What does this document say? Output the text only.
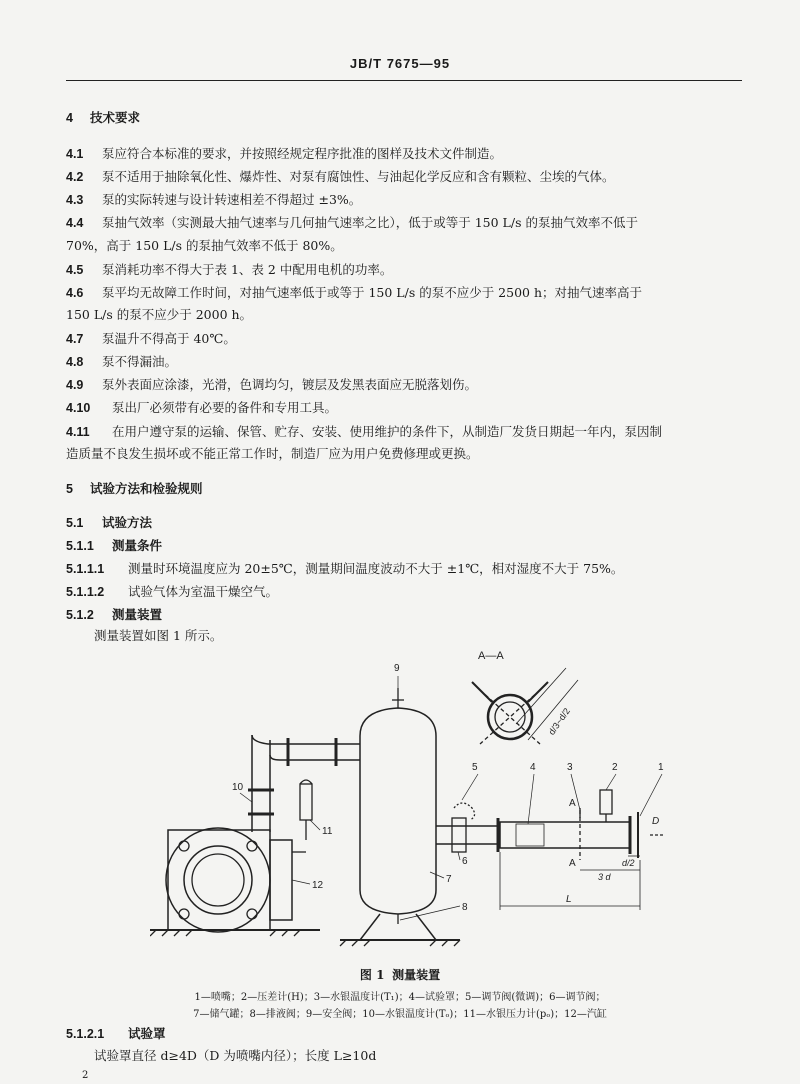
JB/T 7675—95
4 技术要求
4.1 泵应符合本标准的要求，并按照经规定程序批准的图样及技术文件制造。
4.2 泵不适用于抽除氧化性、爆炸性、对泵有腐蚀性、与油起化学反应和含有颗粒、尘埃的气体。
4.3 泵的实际转速与设计转速相差不得超过 ±3%。
4.4 泵抽气效率（实测最大抽气速率与几何抽气速率之比），低于或等于 150 L/s 的泵抽气效率不低于
70%，高于 150 L/s 的泵抽气效率不低于 80%。
4.5 泵消耗功率不得大于表 1、表 2 中配用电机的功率。
4.6 泵平均无故障工作时间，对抽气速率低于或等于 150 L/s 的泵不应少于 2500 h；对抽气速率高于
150 L/s 的泵不应少于 2000 h。
4.7 泵温升不得高于 40℃。
4.8 泵不得漏油。
4.9 泵外表面应涂漆，光滑，色调均匀，镀层及发黑表面应无脱落划伤。
4.10 泵出厂必须带有必要的备件和专用工具。
4.11 在用户遵守泵的运输、保管、贮存、安装、使用维护的条件下，从制造厂发货日期起一年内，泵因制
造质量不良发生损坏或不能正常工作时，制造厂应为用户免费修理或更换。
5 试验方法和检验规则
5.1 试验方法
5.1.1 测量条件
5.1.1.1 测量时环境温度应为 20±5℃，测量期间温度波动不大于 ±1℃，相对湿度不大于 75%。
5.1.1.2 试验气体为室温干燥空气。
5.1.2 测量装置
测量装置如图 1 所示。
A—A
d/3~d/2
A
A
D
d/2
3 d
L
1
2
3
4
5
6
7
8
9
10
11
12
图 1 测量装置
1—喷嘴；2—压差计(H)；3—水银温度计(T₁)；4—试验罩；5—调节阀(微调)；6—调节阀；
7—储气罐；8—排液阀；9—安全阀；10—水银温度计(Tₒ)；11—水银压力计(pₒ)；12—汽缸
5.1.2.1 试验罩
试验罩直径 d≥4D（D 为喷嘴内径）；长度 L≥10d
2
